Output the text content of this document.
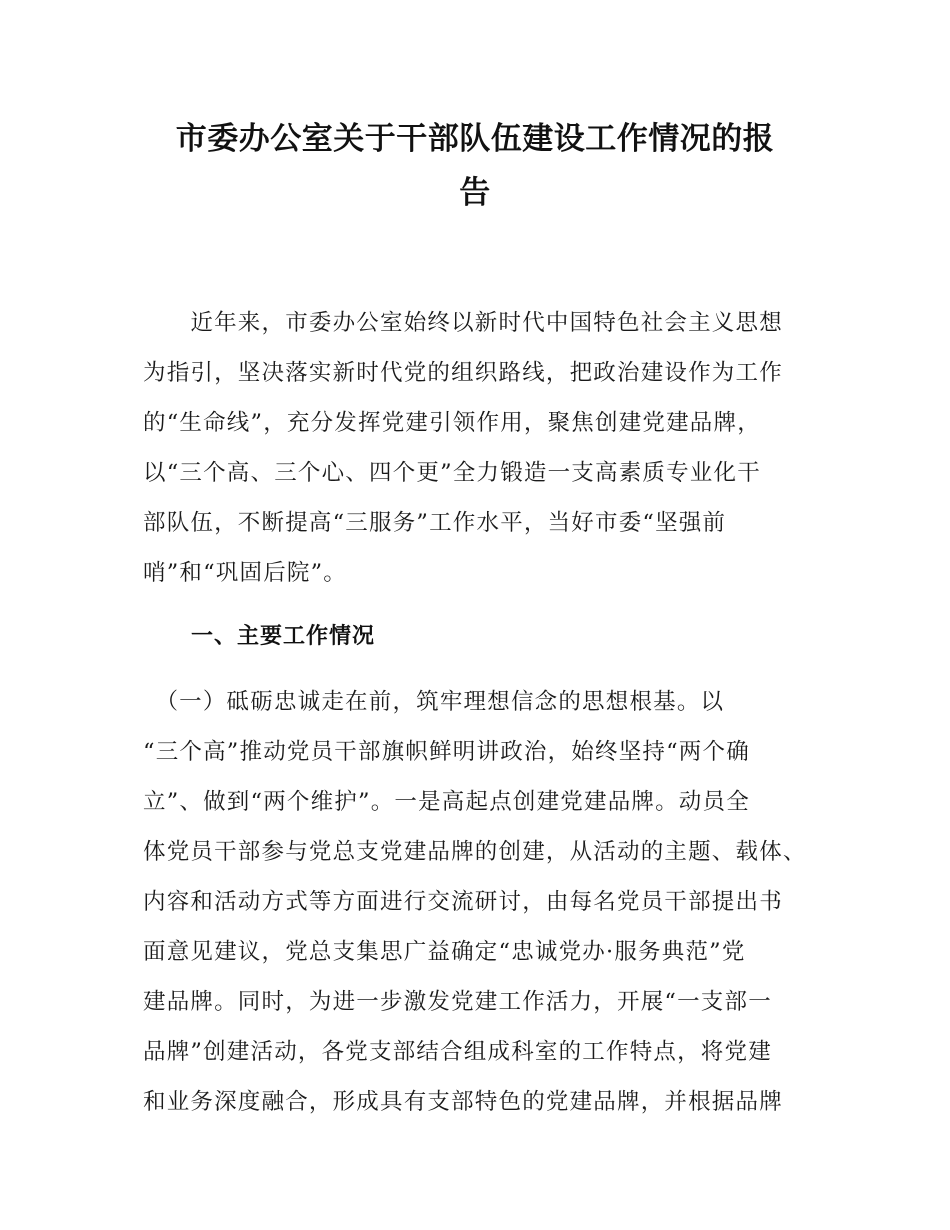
市委办公室关于干部队伍建设工作情况的报
告
　　近年来，市委办公室始终以新时代中国特色社会主义思想
为指引，坚决落实新时代党的组织路线，把政治建设作为工作
的“生命线”，充分发挥党建引领作用，聚焦创建党建品牌，
以“三个高、三个心、四个更”全力锻造一支高素质专业化干
部队伍，不断提高“三服务”工作水平，当好市委“坚强前
哨”和“巩固后院”。
一、主要工作情况
　（一）砥砺忠诚走在前，筑牢理想信念的思想根基。以
“三个高”推动党员干部旗帜鲜明讲政治，始终坚持“两个确
立”、做到“两个维护”。一是高起点创建党建品牌。动员全
体党员干部参与党总支党建品牌的创建，从活动的主题、载体、
内容和活动方式等方面进行交流研讨，由每名党员干部提出书
面意见建议，党总支集思广益确定“忠诚党办·服务典范”党
建品牌。同时，为进一步激发党建工作活力，开展“一支部一
品牌”创建活动，各党支部结合组成科室的工作特点，将党建
和业务深度融合，形成具有支部特色的党建品牌，并根据品牌
